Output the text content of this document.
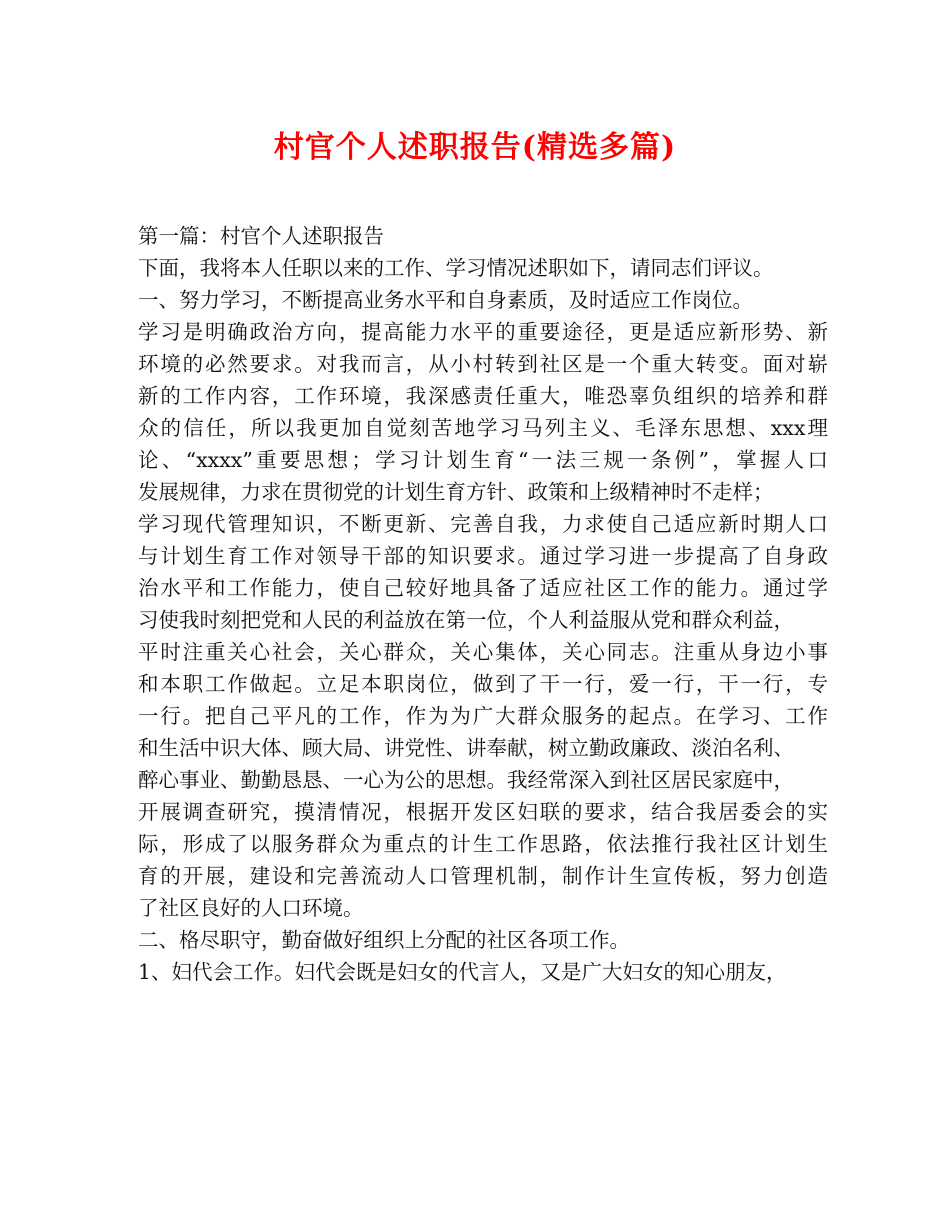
村官个人述职报告(精选多篇)
第一篇：村官个人述职报告
下面，我将本人任职以来的工作、学习情况述职如下，请同志们评议。
一、努力学习，不断提高业务水平和自身素质，及时适应工作岗位。
学习是明确政治方向，提高能力水平的重要途径，更是适应新形势、新
环境的必然要求。对我而言，从小村转到社区是一个重大转变。面对崭
新的工作内容，工作环境，我深感责任重大，唯恐辜负组织的培养和群
众的信任，所以我更加自觉刻苦地学习马列主义、毛泽东思想、xxx理
论、“xxxx”重要思想；学习计划生育“一法三规一条例”，掌握人口
发展规律，力求在贯彻党的计划生育方针、政策和上级精神时不走样；
学习现代管理知识，不断更新、完善自我，力求使自己适应新时期人口
与计划生育工作对领导干部的知识要求。通过学习进一步提高了自身政
治水平和工作能力，使自己较好地具备了适应社区工作的能力。通过学
习使我时刻把党和人民的利益放在第一位，个人利益服从党和群众利益，
平时注重关心社会，关心群众，关心集体，关心同志。注重从身边小事
和本职工作做起。立足本职岗位，做到了干一行，爱一行，干一行，专
一行。把自己平凡的工作，作为为广大群众服务的起点。在学习、工作
和生活中识大体、顾大局、讲党性、讲奉献，树立勤政廉政、淡泊名利、
醉心事业、勤勤恳恳、一心为公的思想。我经常深入到社区居民家庭中，
开展调查研究，摸清情况，根据开发区妇联的要求，结合我居委会的实
际，形成了以服务群众为重点的计生工作思路，依法推行我社区计划生
育的开展，建设和完善流动人口管理机制，制作计生宣传板，努力创造
了社区良好的人口环境。
二、格尽职守，勤奋做好组织上分配的社区各项工作。
1、妇代会工作。妇代会既是妇女的代言人，又是广大妇女的知心朋友，
